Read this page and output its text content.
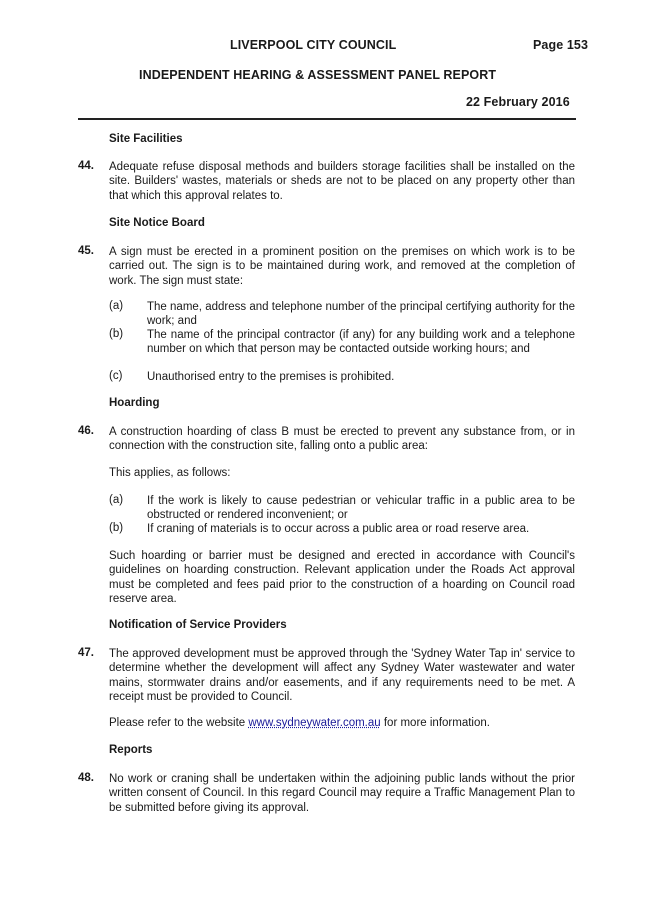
LIVERPOOL CITY COUNCIL	Page 153
INDEPENDENT HEARING & ASSESSMENT PANEL REPORT
22 February 2016
Site Facilities
44. Adequate refuse disposal methods and builders storage facilities shall be installed on the site. Builders' wastes, materials or sheds are not to be placed on any property other than that which this approval relates to.

Site Notice Board
45. A sign must be erected in a prominent position on the premises on which work is to be carried out. The sign is to be maintained during work, and removed at the completion of work. The sign must state:

(a) The name, address and telephone number of the principal certifying authority for the work; and

(b) The name of the principal contractor (if any) for any building work and a telephone number on which that person may be contacted outside working hours; and

(c) Unauthorised entry to the premises is prohibited.

Hoarding
46. A construction hoarding of class B must be erected to prevent any substance from, or in connection with the construction site, falling onto a public area:

This applies, as follows:

(a) If the work is likely to cause pedestrian or vehicular traffic in a public area to be obstructed or rendered inconvenient; or

(b) If craning of materials is to occur across a public area or road reserve area.

Such hoarding or barrier must be designed and erected in accordance with Council's guidelines on hoarding construction. Relevant application under the Roads Act approval must be completed and fees paid prior to the construction of a hoarding on Council road reserve area.

Notification of Service Providers
47. The approved development must be approved through the 'Sydney Water Tap in' service to determine whether the development will affect any Sydney Water wastewater and water mains, stormwater drains and/or easements, and if any requirements need to be met. A receipt must be provided to Council.

Please refer to the website www.sydneywater.com.au for more information.

Reports
48. No work or craning shall be undertaken within the adjoining public lands without the prior written consent of Council. In this regard Council may require a Traffic Management Plan to be submitted before giving its approval.
